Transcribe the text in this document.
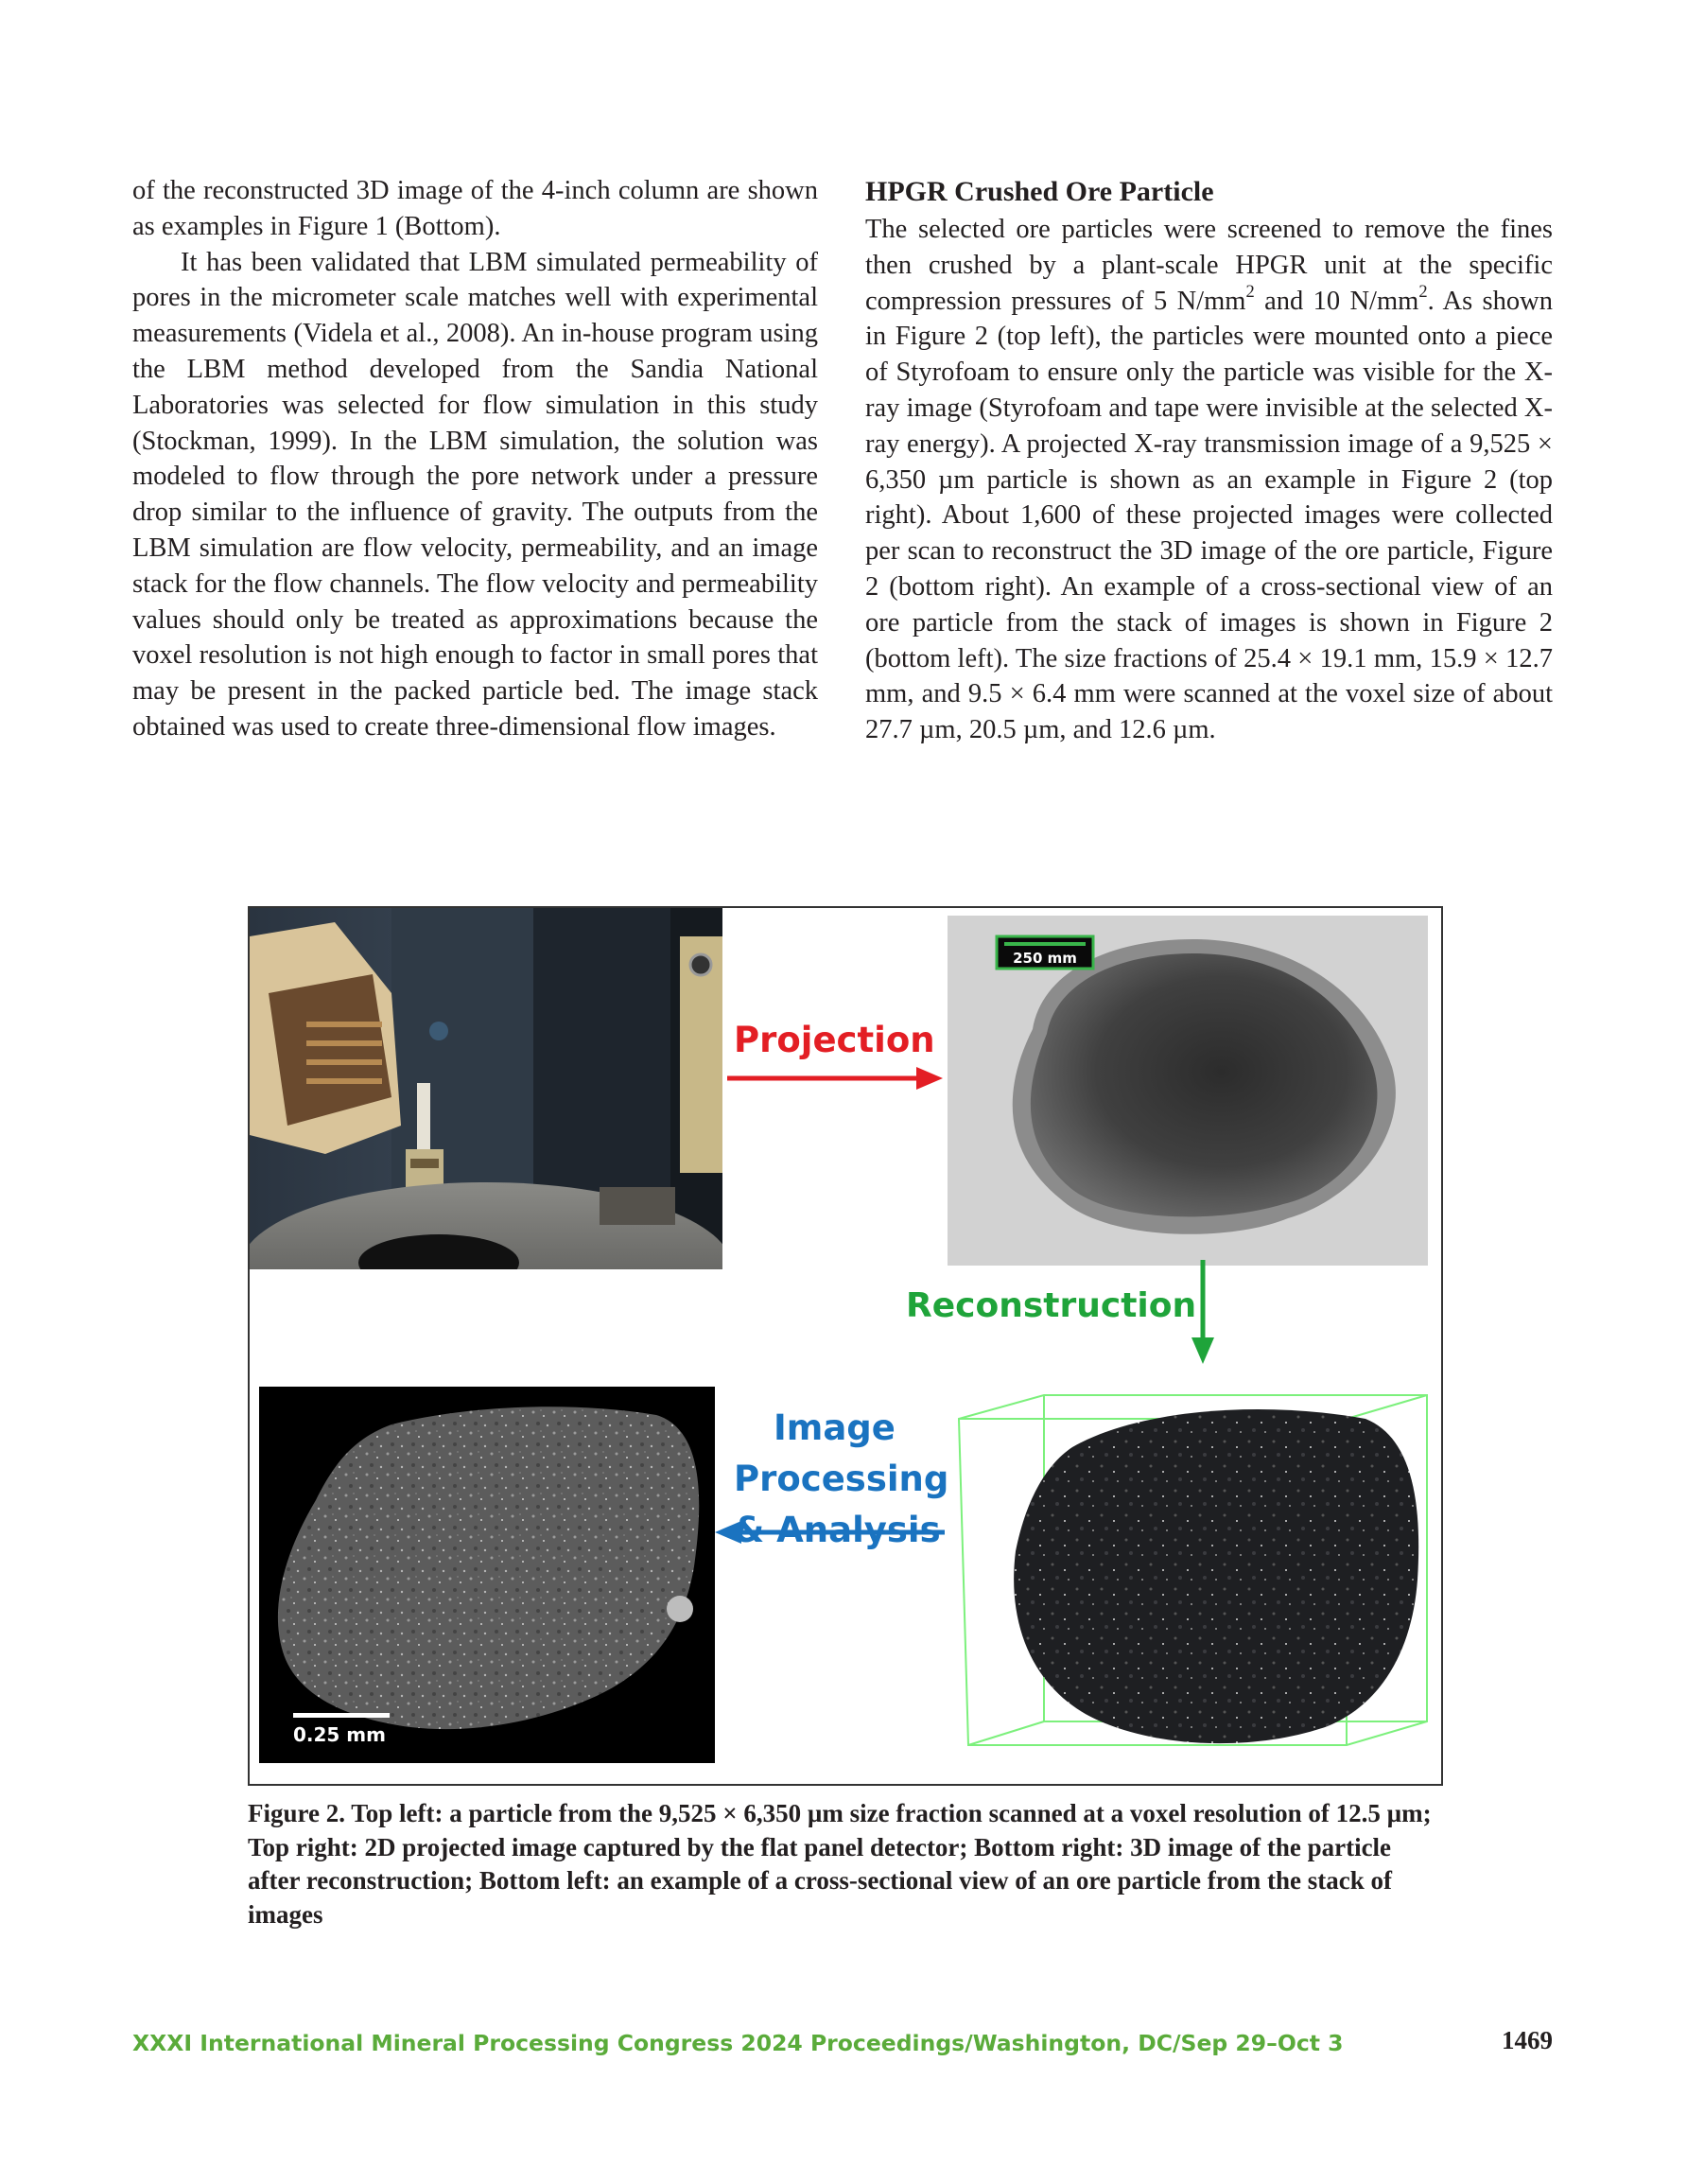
of the reconstructed 3D image of the 4-inch column are shown as examples in Figure 1 (Bottom).

It has been validated that LBM simulated permeability of pores in the micrometer scale matches well with experimental measurements (Videla et al., 2008). An in-house program using the LBM method developed from the Sandia National Laboratories was selected for flow simulation in this study (Stockman, 1999). In the LBM simulation, the solution was modeled to flow through the pore network under a pressure drop similar to the influence of gravity. The outputs from the LBM simulation are flow velocity, permeability, and an image stack for the flow channels. The flow velocity and permeability values should only be treated as approximations because the voxel resolution is not high enough to factor in small pores that may be present in the packed particle bed. The image stack obtained was used to create three-dimensional flow images.

HPGR Crushed Ore Particle

The selected ore particles were screened to remove the fines then crushed by a plant-scale HPGR unit at the specific compression pressures of 5 $N/mm^2$ and 10 $N/mm^2$. As shown in Figure 2 (top left), the particles were mounted onto a piece of Styrofoam to ensure only the particle was visible for the X-ray image (Styrofoam and tape were invisible at the selected X-ray energy). A projected X-ray transmission image of a 9,525 × 6,350 µm particle is shown as an example in Figure 2 (top right). About 1,600 of these projected images were collected per scan to reconstruct the 3D image of the ore particle, Figure 2 (bottom right). An example of a cross-sectional view of an ore particle from the stack of images is shown in Figure 2 (bottom left). The size fractions of 25.4 × 19.1 mm, 15.9 × 12.7 mm, and 9.5 × 6.4 mm were scanned at the voxel size of about 27.7 µm, 20.5 µm, and 12.6 µm.

250 mm
0.25 mm
Projection
Reconstruction
Image
Processing
& Analysis
Figure 2. Top left: a particle from the 9,525 × 6,350 µm size fraction scanned at a voxel resolution of 12.5 µm; Top right: 2D projected image captured by the flat panel detector; Bottom right: 3D image of the particle after reconstruction; Bottom left: an example of a cross-sectional view of an ore particle from the stack of images
XXXI International Mineral Processing Congress 2024 Proceedings/Washington, DC/Sep 29–Oct 3	1469
